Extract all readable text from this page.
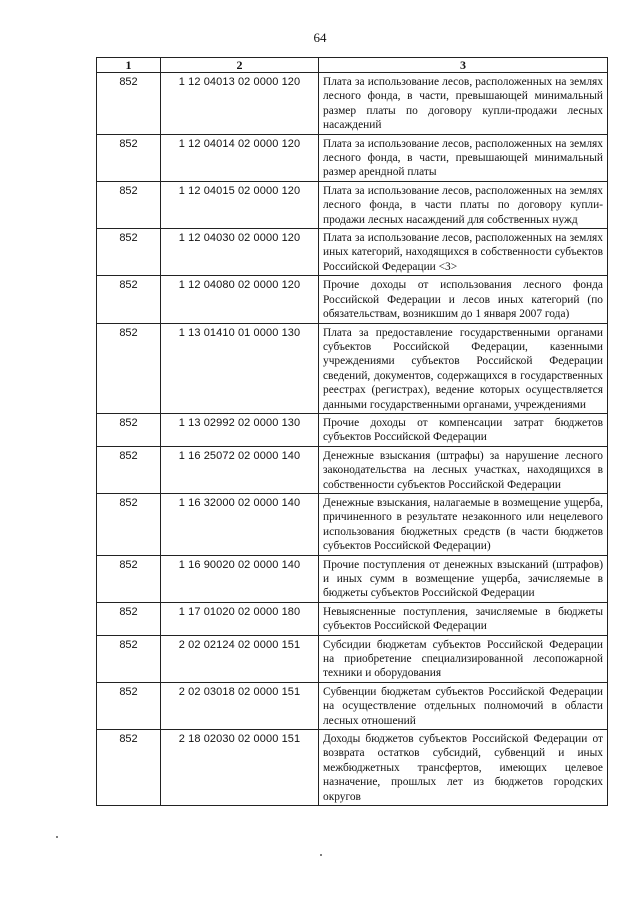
64
1	2	3
852	1 12 04013 02 0000 120	Плата за использование лесов, расположенных на землях лесного фонда, в части, превышающей минимальный размер платы по договору купли-продажи лесных насаждений
852	1 12 04014 02 0000 120	Плата за использование лесов, расположенных на землях лесного фонда, в части, превышающей минимальный размер арендной платы
852	1 12 04015 02 0000 120	Плата за использование лесов, расположенных на землях лесного фонда, в части платы по договору купли-продажи лесных насаждений для собственных нужд
852	1 12 04030 02 0000 120	Плата за использование лесов, расположенных на землях иных категорий, находящихся в собственности субъектов Российской Федерации <3>
852	1 12 04080 02 0000 120	Прочие доходы от использования лесного фонда Российской Федерации и лесов иных категорий (по обязательствам, возникшим до 1 января 2007 года)
852	1 13 01410 01 0000 130	Плата за предоставление государственными органами субъектов Российской Федерации, казенными учреждениями субъектов Российской Федерации сведений, документов, содержащихся в государственных реестрах (регистрах), ведение которых осуществляется данными государственными органами, учреждениями
852	1 13 02992 02 0000 130	Прочие доходы от компенсации затрат бюджетов субъектов Российской Федерации
852	1 16 25072 02 0000 140	Денежные взыскания (штрафы) за нарушение лесного законодательства на лесных участках, находящихся в собственности субъектов Российской Федерации
852	1 16 32000 02 0000 140	Денежные взыскания, налагаемые в возмещение ущерба, причиненного в результате незаконного или нецелевого использования бюджетных средств (в части бюджетов субъектов Российской Федерации)
852	1 16 90020 02 0000 140	Прочие поступления от денежных взысканий (штрафов) и иных сумм в возмещение ущерба, зачисляемые в бюджеты субъектов Российской Федерации
852	1 17 01020 02 0000 180	Невыясненные поступления, зачисляемые в бюджеты субъектов Российской Федерации
852	2 02 02124 02 0000 151	Субсидии бюджетам субъектов Российской Федерации на приобретение специализированной лесопожарной техники и оборудования
852	2 02 03018 02 0000 151	Субвенции бюджетам субъектов Российской Федерации на осуществление отдельных полномочий в области лесных отношений
852	2 18 02030 02 0000 151	Доходы бюджетов субъектов Российской Федерации от возврата остатков субсидий, субвенций и иных межбюджетных трансфертов, имеющих целевое назначение, прошлых лет из бюджетов городских округов
